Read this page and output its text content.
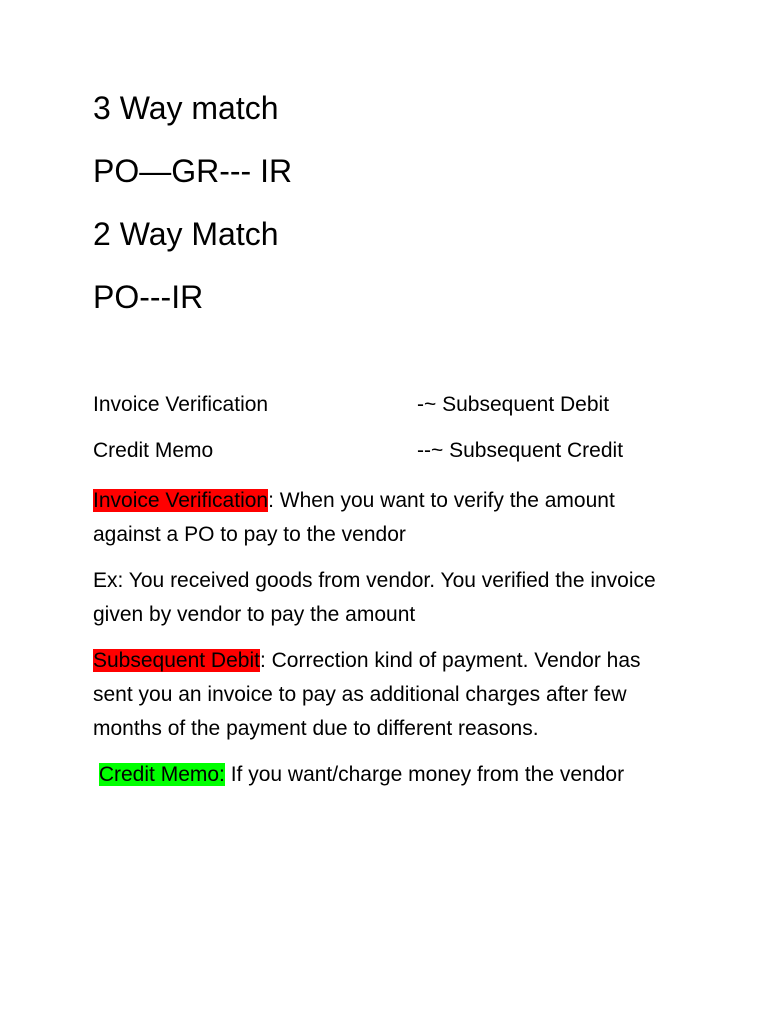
3 Way match
PO—GR--- IR
2 Way Match
PO---IR
Invoice Verification	-~ Subsequent Debit
Credit Memo	--~ Subsequent Credit

Invoice Verification: When you want to verify the amount against a PO to pay to the vendor

Ex: You received goods from vendor. You verified the invoice given by vendor to pay the amount

Subsequent Debit: Correction kind of payment. Vendor has sent you an invoice to pay as additional charges after few months of the payment due to different reasons.

Credit Memo: If you want/charge money from the vendor
